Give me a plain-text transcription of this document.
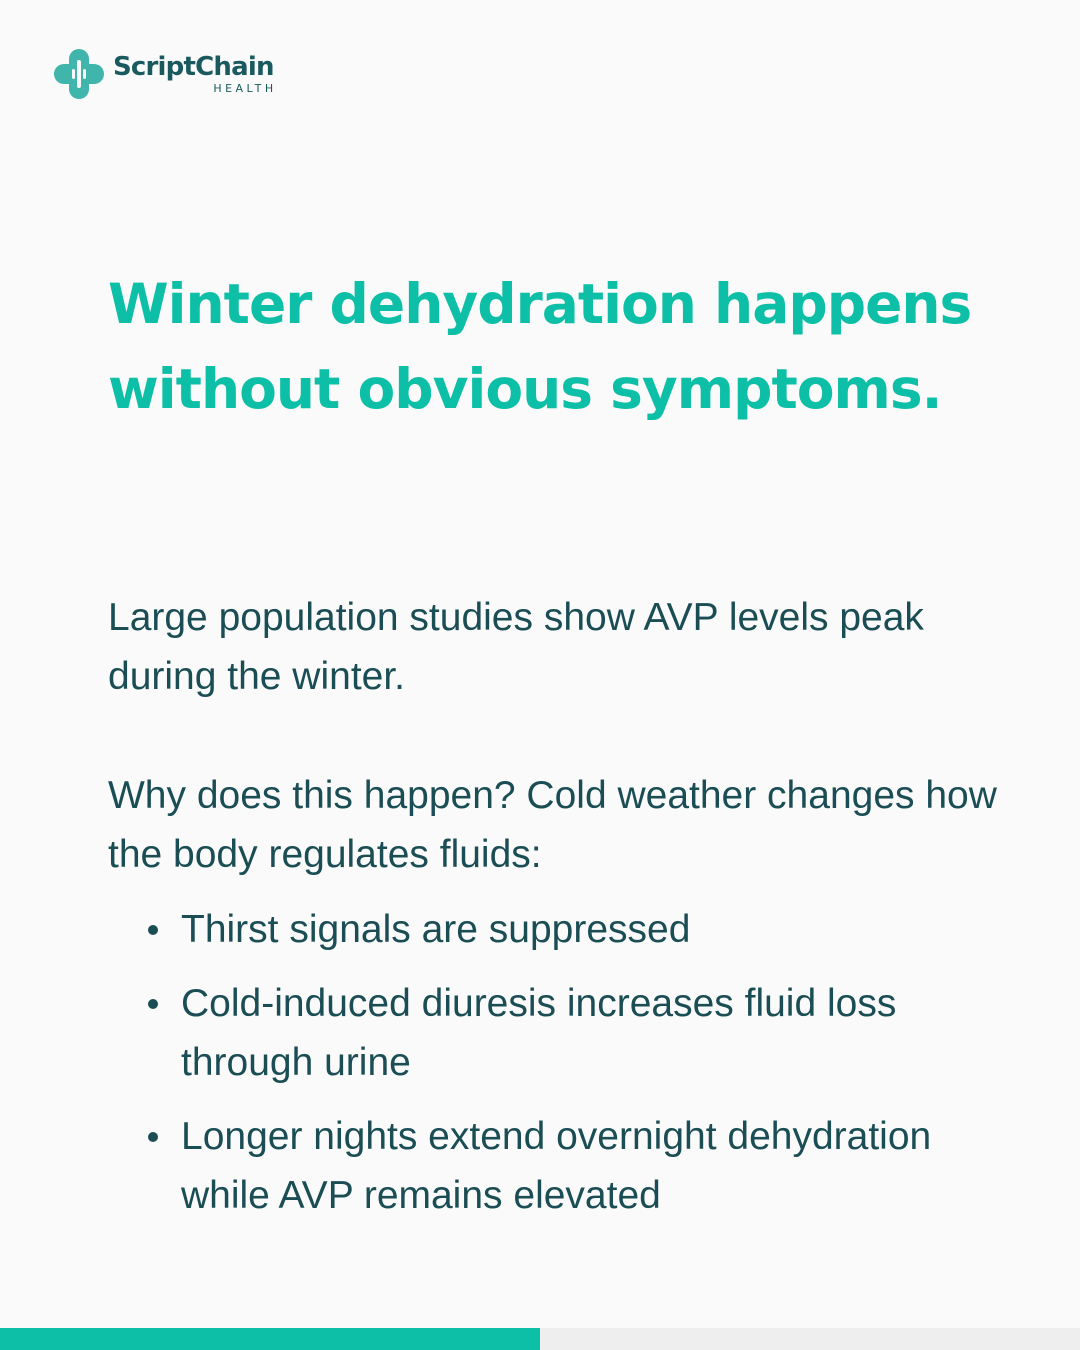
ScriptChain
HEALTH
Winter dehydration happens without obvious symptoms.

Large population studies show AVP levels peak during the winter.

Why does this happen? Cold weather changes how the body regulates fluids:

Thirst signals are suppressed
Cold-induced diuresis increases fluid loss through urine
Longer nights extend overnight dehydration while AVP remains elevated
